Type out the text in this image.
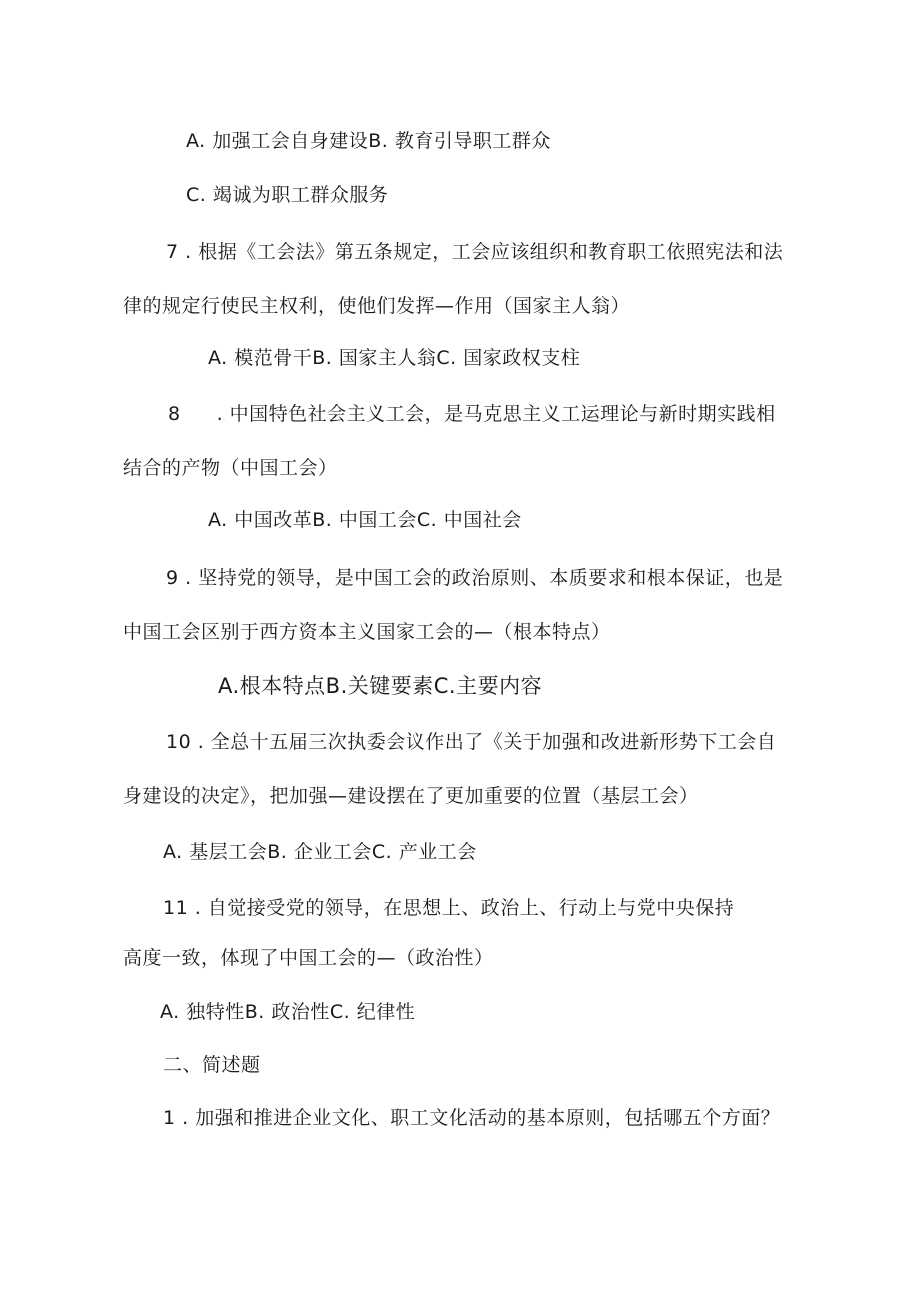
A. 加强工会自身建设B. 教育引导职工群众
C. 竭诚为职工群众服务
7 . 根据《工会法》第五条规定，工会应该组织和教育职工依照宪法和法
律的规定行使民主权利，使他们发挥—作用（国家主人翁）
A. 模范骨干B. 国家主人翁C. 国家政权支柱
8 . 中国特色社会主义工会，是马克思主义工运理论与新时期实践相
结合的产物（中国工会）
A. 中国改革B. 中国工会C. 中国社会
9 . 坚持党的领导，是中国工会的政治原则、本质要求和根本保证，也是
中国工会区别于西方资本主义国家工会的—（根本特点）
A.根本特点B.关键要素C.主要内容
10 . 全总十五届三次执委会议作出了《关于加强和改进新形势下工会自
身建设的决定》，把加强—建设摆在了更加重要的位置（基层工会）
A. 基层工会B. 企业工会C. 产业工会
11 . 自觉接受党的领导，在思想上、政治上、行动上与党中央保持
高度一致，体现了中国工会的—（政治性）
A. 独特性B. 政治性C. 纪律性
二、简述题
1 . 加强和推进企业文化、职工文化活动的基本原则，包括哪五个方面？
